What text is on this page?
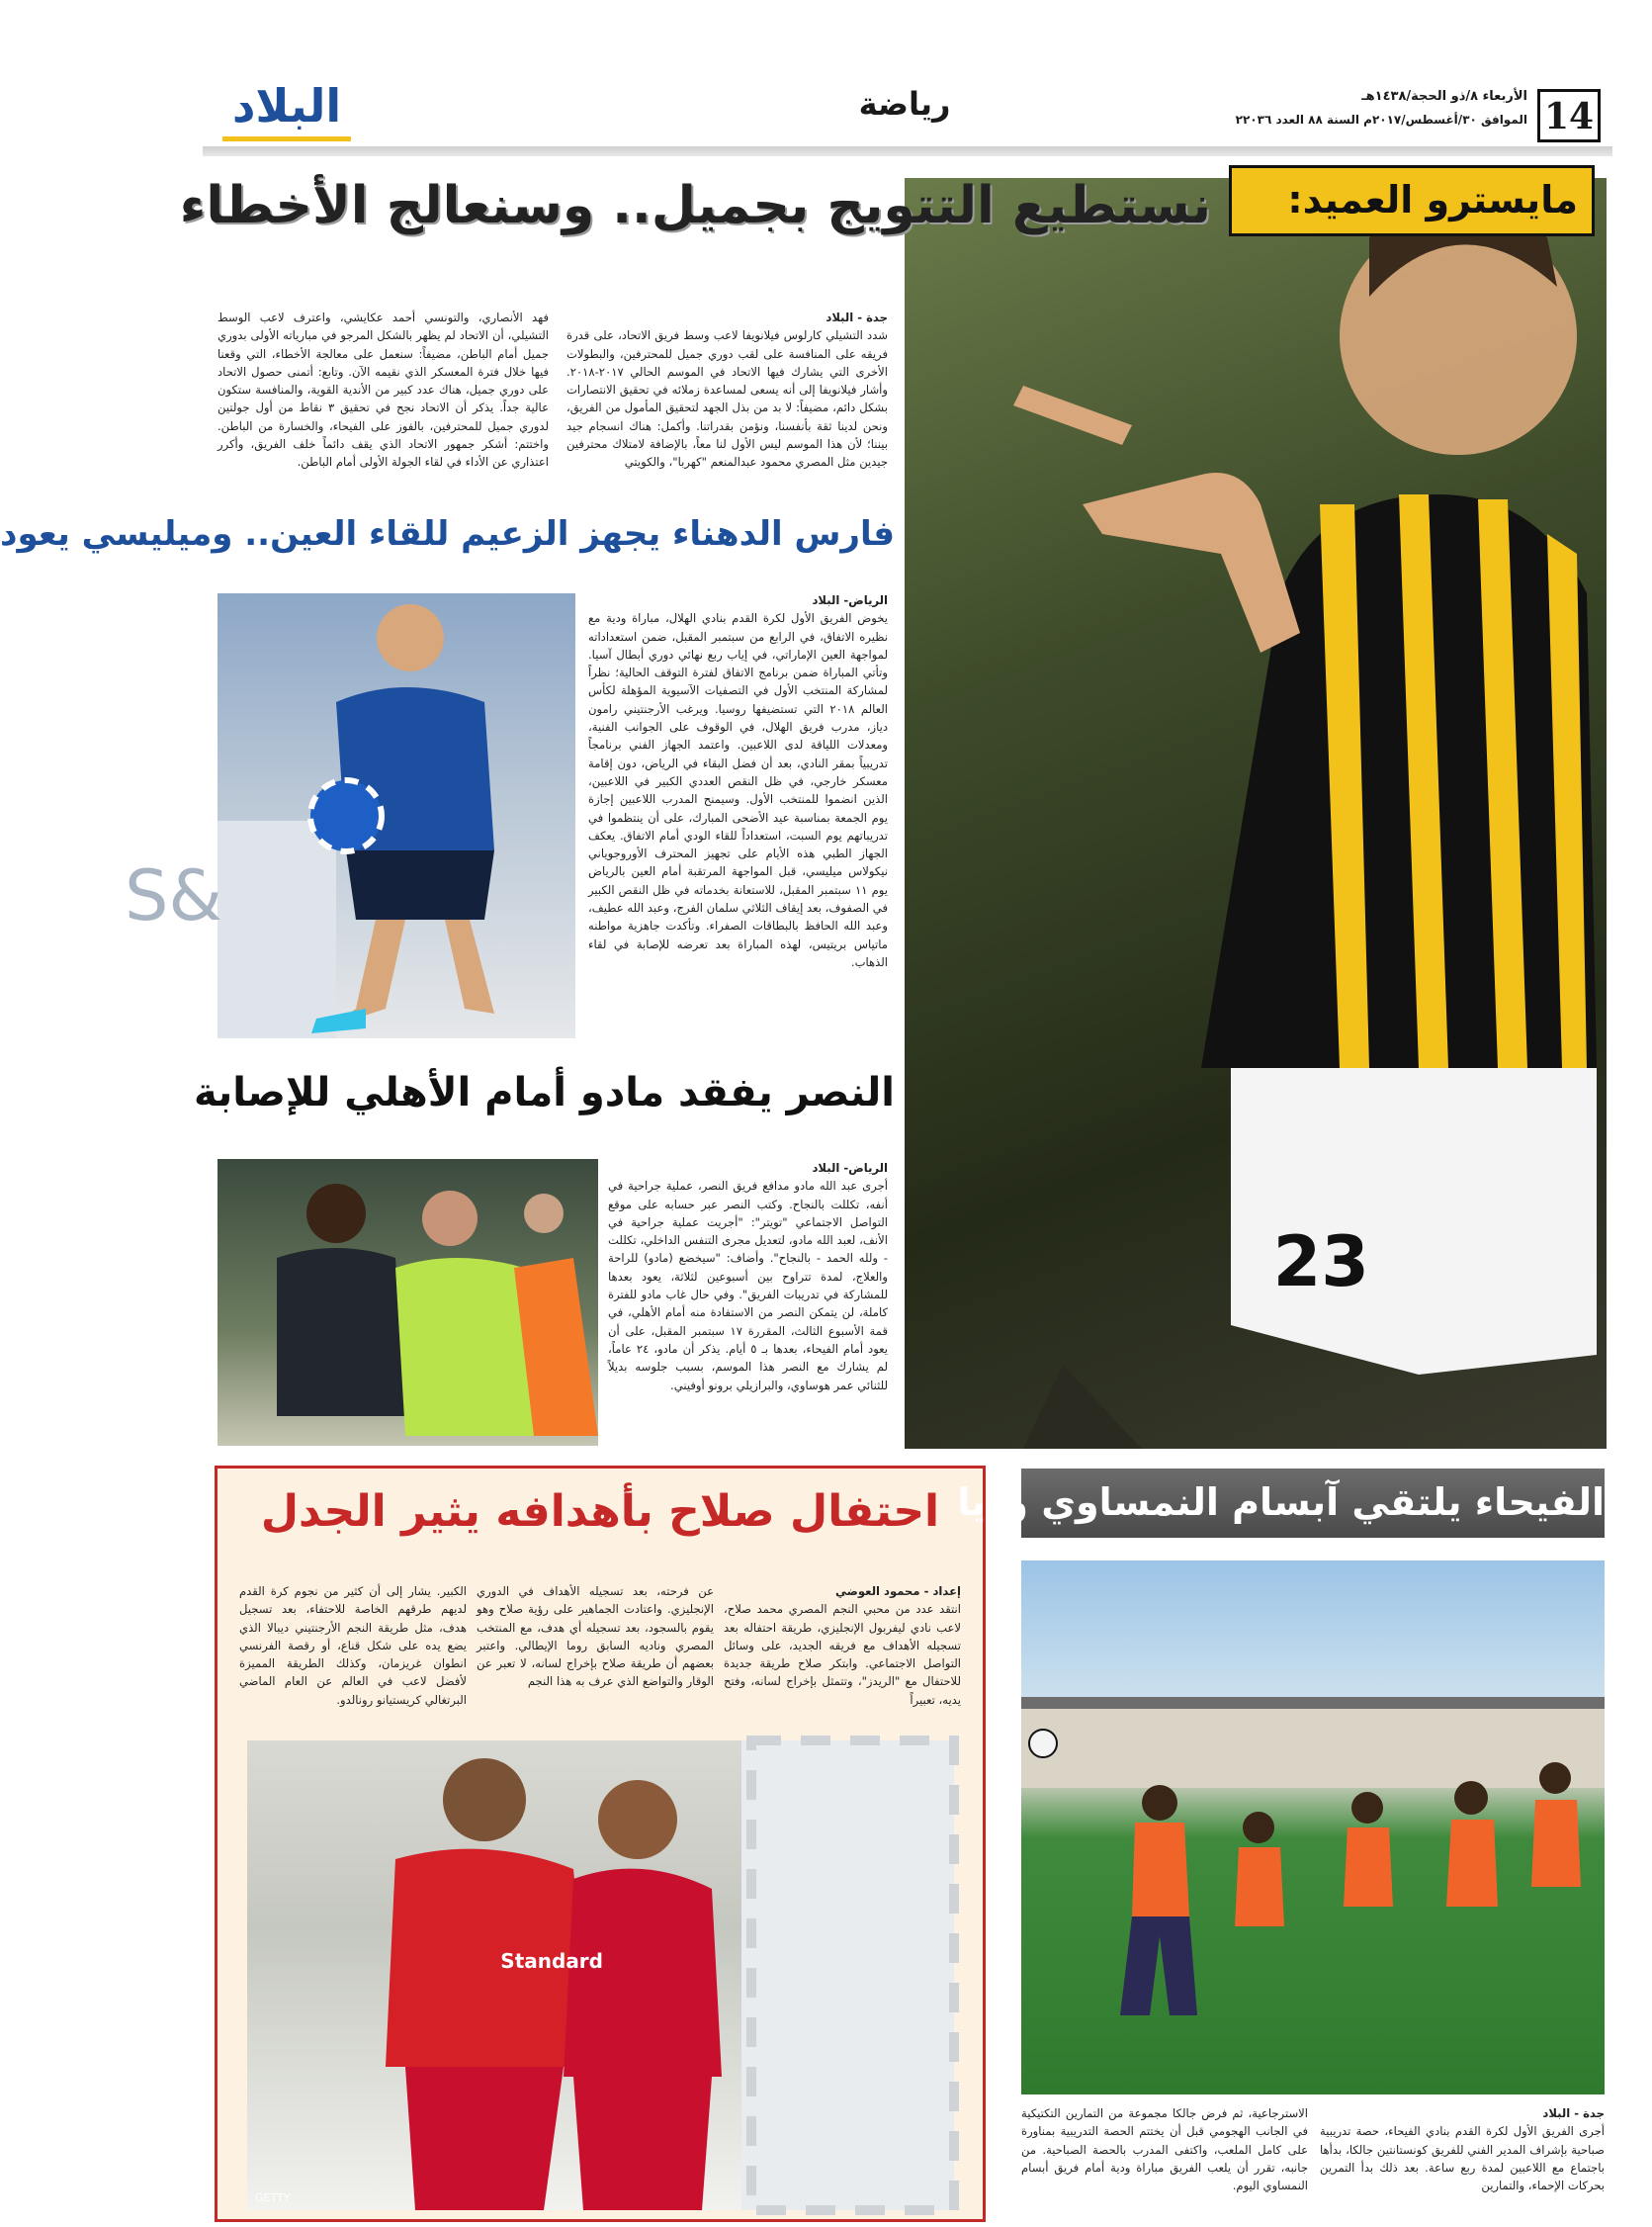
14
الأربعاء ٨/ذو الحجة/١٤٣٨هـ
الموافق ٣٠/أغسطس/٢٠١٧م السنة ٨٨ العدد ٢٢٠٣٦
رياضة
البلاد
23
مايسترو العميد:
نستطيع التتويج بجميل.. وسنعالج الأخطاء
جدة - البلاد
شدد التشيلي كارلوس فيلانويفا لاعب وسط فريق الاتحاد، على قدرة فريقه على المنافسة على لقب دوري جميل للمحترفين، والبطولات الأخرى التي يشارك فيها الاتحاد في الموسم الحالي ٢٠١٧-٢٠١٨. وأشار فيلانويفا إلى أنه يسعى لمساعدة زملائه في تحقيق الانتصارات بشكل دائم، مضيفاً: لا بد من بذل الجهد لتحقيق المأمول من الفريق، ونحن لدينا ثقة بأنفسنا، ونؤمن بقدراتنا. وأكمل: هناك انسجام جيد بيننا؛ لأن هذا الموسم ليس الأول لنا معاً، بالإضافة لامتلاك محترفين جيدين مثل المصري محمود عبدالمنعم "كهربا"، والكويتي
فهد الأنصاري، والتونسي أحمد عكايشي، واعترف لاعب الوسط التشيلي، أن الاتحاد لم يظهر بالشكل المرجو في مبارياته الأولى بدوري جميل أمام الباطن، مضيفاً: سنعمل على معالجة الأخطاء، التي وقعنا فيها خلال فترة المعسكر الذي نقيمه الآن. وتابع: أتمنى حصول الاتحاد على دوري جميل، هناك عدد كبير من الأندية القوية، والمنافسة ستكون عالية جداً. يذكر أن الاتحاد نجح في تحقيق ٣ نقاط من أول جولتين لدوري جميل للمحترفين، بالفوز على الفيحاء، والخسارة من الباطن. واختتم: أشكر جمهور الاتحاد الذي يقف دائماً خلف الفريق، وأكرر اعتذاري عن الأداء في لقاء الجولة الأولى أمام الباطن.
فارس الدهناء يجهز الزعيم للقاء العين.. وميليسي يعود
&S
الرياض- البلاد
يخوض الفريق الأول لكرة القدم بنادي الهلال، مباراة ودية مع نظيره الاتفاق، في الرابع من سبتمبر المقبل، ضمن استعداداته لمواجهة العين الإماراتي، في إياب ربع نهائي دوري أبطال آسيا. وتأتي المباراة ضمن برنامج الاتفاق لفترة التوقف الحالية؛ نظراً لمشاركة المنتخب الأول في التصفيات الآسيوية المؤهلة لكأس العالم ٢٠١٨ التي تستضيفها روسيا. ويرغب الأرجنتيني رامون دياز، مدرب فريق الهلال، في الوقوف على الجوانب الفنية، ومعدلات اللياقة لدى اللاعبين. واعتمد الجهاز الفني برنامجاً تدريبياً بمقر النادي، بعد أن فضل البقاء في الرياض، دون إقامة معسكر خارجي، في ظل النقص العددي الكبير في اللاعبين، الذين انضموا للمنتخب الأول. وسيمنح المدرب اللاعبين إجازة يوم الجمعة بمناسبة عيد الأضحى المبارك، على أن ينتظموا في تدريباتهم يوم السبت، استعداداً للقاء الودي أمام الاتفاق. يعكف الجهاز الطبي هذه الأيام على تجهيز المحترف الأوروجوياني نيكولاس ميليسي، قبل المواجهة المرتقبة أمام العين بالرياض يوم ١١ سبتمبر المقبل، للاستعانة بخدماته في ظل النقص الكبير في الصفوف، بعد إيقاف الثلاثي سلمان الفرج، وعبد الله عطيف، وعبد الله الحافظ بالبطاقات الصفراء. وتأكدت جاهزية مواطنه ماتياس بريتيس، لهذه المباراة بعد تعرضه للإصابة في لقاء الذهاب.
النصر يفقد مادو أمام الأهلي للإصابة
الرياض- البلاد
أجرى عبد الله مادو مدافع فريق النصر، عملية جراحية في أنفه، تكللت بالنجاح. وكتب النصر عبر حسابه على موقع التواصل الاجتماعي "تويتر": "أجريت عملية جراحية في الأنف، لعبد الله مادو، لتعديل مجرى التنفس الداخلي، تكللت - ولله الحمد - بالنجاح". وأضاف: "سيخضع (مادو) للراحة والعلاج، لمدة تتراوح بين أسبوعين لثلاثة، يعود بعدها للمشاركة في تدريبات الفريق". وفي حال غاب مادو للفترة كاملة، لن يتمكن النصر من الاستفادة منه أمام الأهلي، في قمة الأسبوع الثالث، المقررة ١٧ سبتمبر المقبل، على أن يعود أمام الفيحاء، بعدها بـ ٥ أيام. يذكر أن مادو، ٢٤ عاماً، لم يشارك مع النصر هذا الموسم، بسبب جلوسه بديلاً للثنائي عمر هوساوي، والبرازيلي برونو أوفيني.
احتفال صلاح بأهدافه يثير الجدل
إعداد - محمود العوضي
انتقد عدد من محبي النجم المصري محمد صلاح، لاعب نادي ليفربول الإنجليزي، طريقة احتفاله بعد تسجيله الأهداف مع فريقه الجديد، على وسائل التواصل الاجتماعي. وابتكر صلاح طريقة جديدة للاحتفال مع "الريدز"، وتتمثل بإخراج لسانه، وفتح يديه، تعبيراً
عن فرحته، بعد تسجيله الأهداف في الدوري الإنجليزي. واعتادت الجماهير على رؤية صلاح وهو يقوم بالسجود، بعد تسجيله أي هدف، مع المنتخب المصري وناديه السابق روما الإيطالي. واعتبر بعضهم أن طريقة صلاح بإخراج لسانه، لا تعبر عن الوقار والتواضع الذي عرف به هذا النجم
الكبير. يشار إلى أن كثير من نجوم كرة القدم لديهم طرقهم الخاصة للاحتفاء، بعد تسجيل هدف، مثل طريقة النجم الأرجنتيني ديبالا الذي يضع يده على شكل قناع، أو رقصة الفرنسي انطوان غريزمان، وكذلك الطريقة المميزة لأفضل لاعب في العالم عن العام الماضي البرتغالي كريستيانو رونالدو.
Standard
GETTY
الفيحاء يلتقي آبسام النمساوي وديا
جدة - البلاد
أجرى الفريق الأول لكرة القدم بنادي الفيحاء، حصة تدريبية صباحية بإشراف المدير الفني للفريق كونستانتين جالكا، بدأها باجتماع مع اللاعبين لمدة ربع ساعة. بعد ذلك بدأ التمرين بحركات الإحماء، والتمارين
الاسترجاعية، ثم فرض جالكا مجموعة من التمارين التكتيكية في الجانب الهجومي قبل أن يختتم الحصة التدريبية بمناورة على كامل الملعب، واكتفى المدرب بالحصة الصباحية. من جانبه، تقرر أن يلعب الفريق مباراة ودية أمام فريق أبسام النمساوي اليوم.
